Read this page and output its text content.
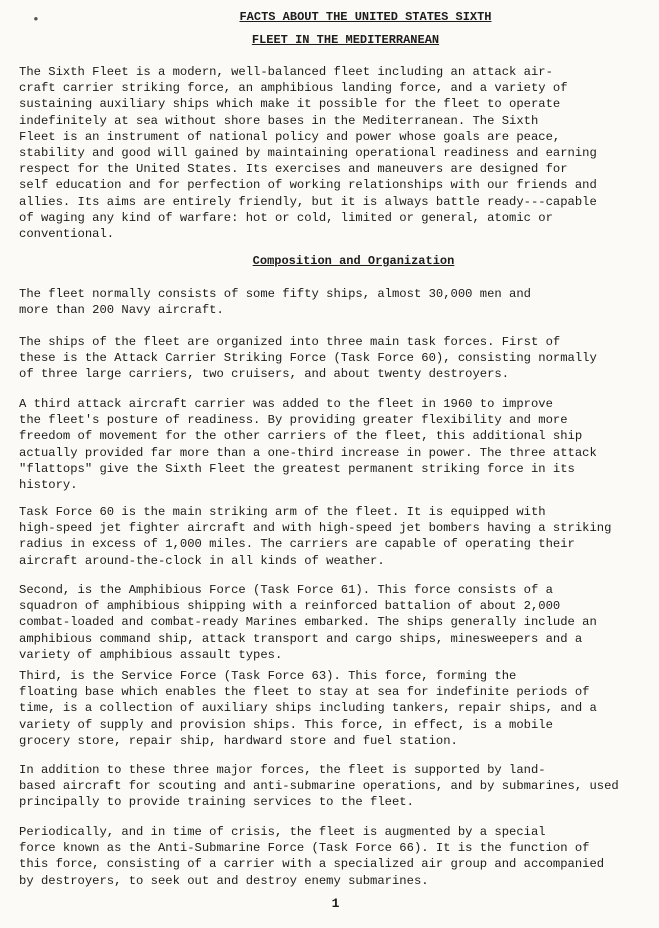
•	FACTS ABOUT THE UNITED STATES SIXTH
FLEET IN THE MEDITERRANEAN

The Sixth Fleet is a modern, well-balanced fleet including an attack air-
craft carrier striking force, an amphibious landing force, and a variety of
sustaining auxiliary ships which make it possible for the fleet to operate
indefinitely at sea without shore bases in the Mediterranean. The Sixth
Fleet is an instrument of national policy and power whose goals are peace,
stability and good will gained by maintaining operational readiness and earning
respect for the United States. Its exercises and maneuvers are designed for
self education and for perfection of working relationships with our friends and
allies. Its aims are entirely friendly, but it is always battle ready---capable
of waging any kind of warfare: hot or cold, limited or general, atomic or
conventional.

Composition and Organization

The fleet normally consists of some fifty ships, almost 30,000 men and
more than 200 Navy aircraft.

The ships of the fleet are organized into three main task forces. First of
these is the Attack Carrier Striking Force (Task Force 60), consisting normally
of three large carriers, two cruisers, and about twenty destroyers.

A third attack aircraft carrier was added to the fleet in 1960 to improve
the fleet's posture of readiness. By providing greater flexibility and more
freedom of movement for the other carriers of the fleet, this additional ship
actually provided far more than a one-third increase in power. The three attack
"flattops" give the Sixth Fleet the greatest permanent striking force in its
history.

Task Force 60 is the main striking arm of the fleet. It is equipped with
high-speed jet fighter aircraft and with high-speed jet bombers having a striking
radius in excess of 1,000 miles. The carriers are capable of operating their
aircraft around-the-clock in all kinds of weather.

Second, is the Amphibious Force (Task Force 61). This force consists of a
squadron of amphibious shipping with a reinforced battalion of about 2,000
combat-loaded and combat-ready Marines embarked. The ships generally include an
amphibious command ship, attack transport and cargo ships, minesweepers and a
variety of amphibious assault types.

Third, is the Service Force (Task Force 63). This force, forming the
floating base which enables the fleet to stay at sea for indefinite periods of
time, is a collection of auxiliary ships including tankers, repair ships, and a
variety of supply and provision ships. This force, in effect, is a mobile
grocery store, repair ship, hardward store and fuel station.

In addition to these three major forces, the fleet is supported by land-
based aircraft for scouting and anti-submarine operations, and by submarines, used
principally to provide training services to the fleet.

Periodically, and in time of crisis, the fleet is augmented by a special
force known as the Anti-Submarine Force (Task Force 66). It is the function of
this force, consisting of a carrier with a specialized air group and accompanied
by destroyers, to seek out and destroy enemy submarines.

1
